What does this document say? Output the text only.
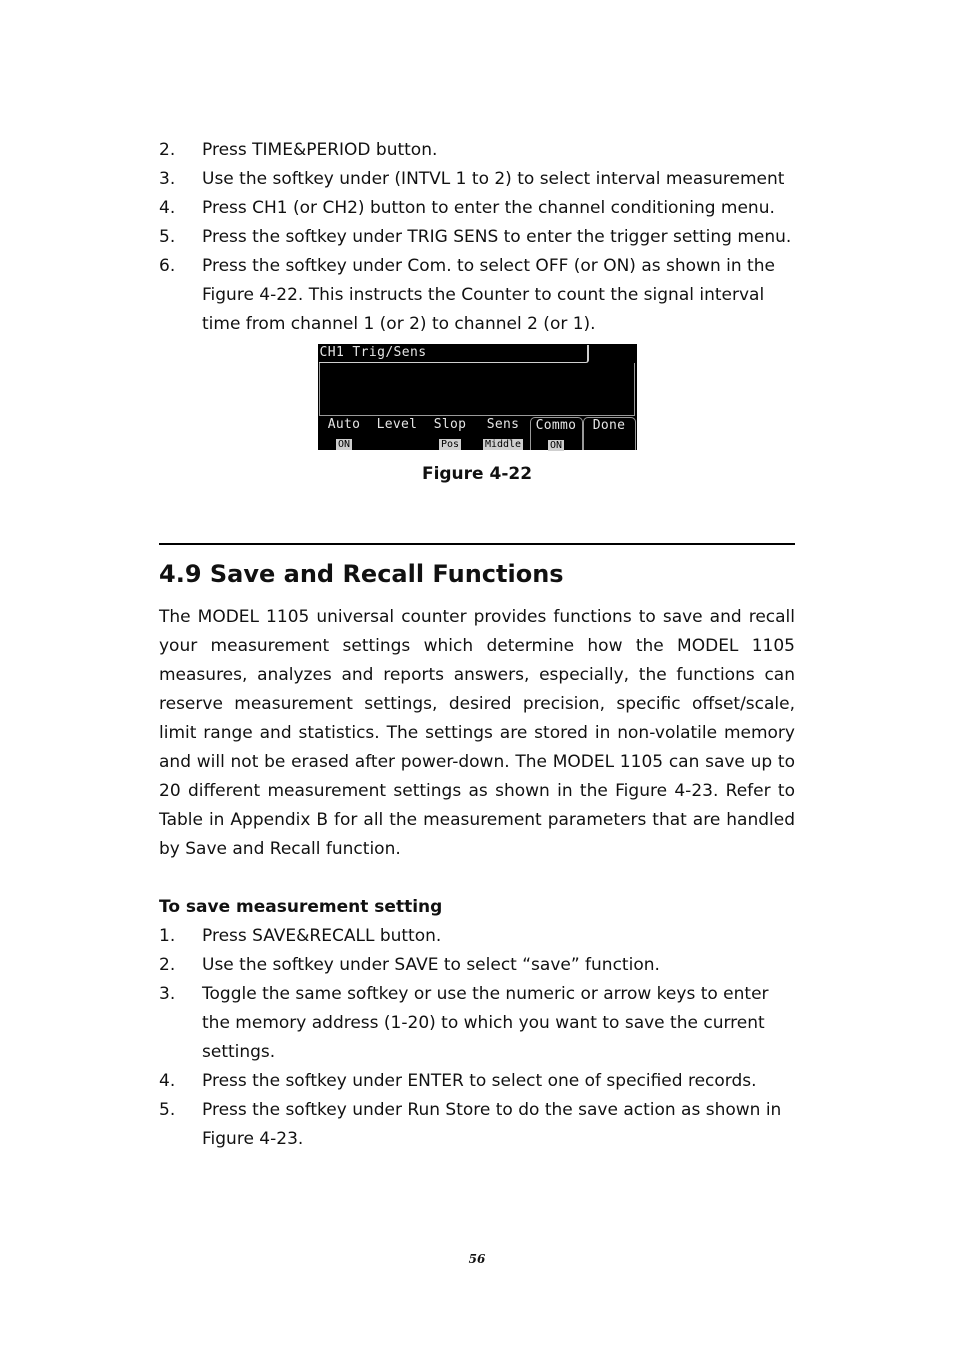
2. Press TIME&PERIOD button.
3. Use the softkey under (INTVL 1 to 2) to select interval measurement
4. Press CH1 (or CH2) button to enter the channel conditioning menu.
5. Press the softkey under TRIG SENS to enter the trigger setting menu.
6. Press the softkey under Com. to select OFF (or ON) as shown in the Figure 4-22. This instructs the Counter to count the signal interval time from channel 1 (or 2) to channel 2 (or 1).
CH1 Trig/Sens
Auto
ON
Level	Slop
Pos
Sens
Middle
Commo
ON
Done
Figure 4-22
4.9 Save and Recall Functions

The MODEL 1105 universal counter provides functions to save and recall your measurement settings which determine how the MODEL 1105 measures, analyzes and reports answers, especially, the functions can reserve measurement settings, desired precision, specific offset/scale, limit range and statistics. The settings are stored in non-volatile memory and will not be erased after power-down. The MODEL 1105 can save up to 20 different measurement settings as shown in the Figure 4-23. Refer to Table in Appendix B for all the measurement parameters that are handled by Save and Recall function.

To save measurement setting
1. Press SAVE&RECALL button.
2. Use the softkey under SAVE to select “save” function.
3. Toggle the same softkey or use the numeric or arrow keys to enter the memory address (1-20) to which you want to save the current settings.
4. Press the softkey under ENTER to select one of specified records.
5. Press the softkey under Run Store to do the save action as shown in Figure 4-23.
56
